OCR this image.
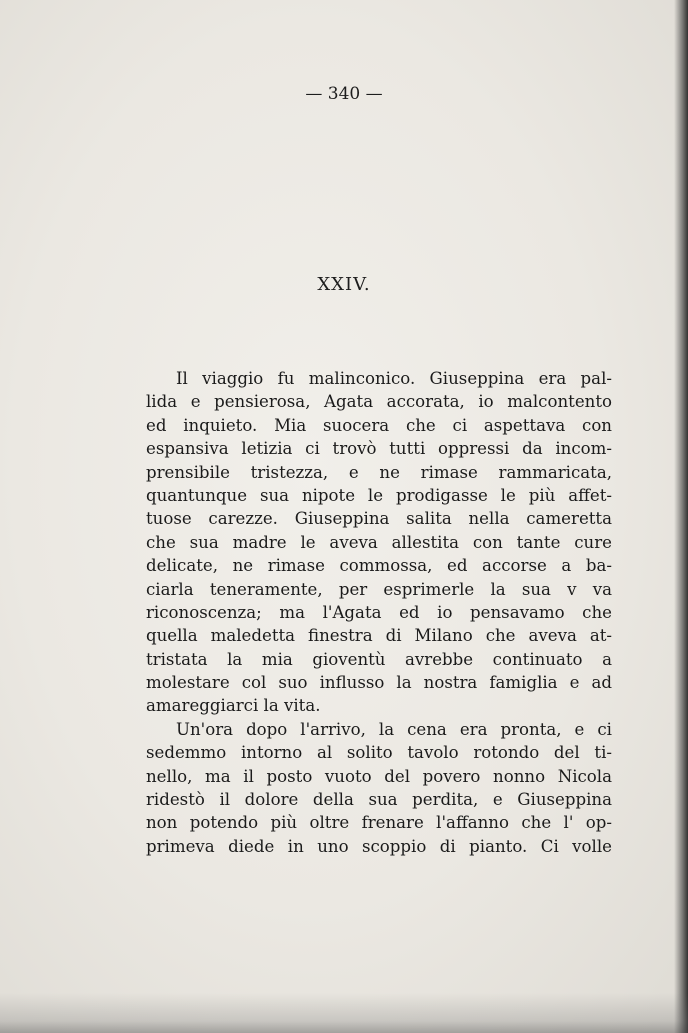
— 340 —

XXIV.
Il viaggio fu malinconico. Giuseppina era pal-
lida e pensierosa, Agata accorata, io malcontento
ed inquieto. Mia suocera che ci aspettava con
espansiva letizia ci trovò tutti oppressi da incom-
prensibile tristezza, e ne rimase rammaricata,
quantunque sua nipote le prodigasse le più affet-
tuose carezze. Giuseppina salita nella cameretta
che sua madre le aveva allestita con tante cure
delicate, ne rimase commossa, ed accorse a ba-
ciarla teneramente, per esprimerle la sua v va
riconoscenza; ma l'Agata ed io pensavamo che
quella maledetta finestra di Milano che aveva at-
tristata la mia gioventù avrebbe continuato a
molestare col suo influsso la nostra famiglia e ad
amareggiarci la vita.
Un'ora dopo l'arrivo, la cena era pronta, e ci
sedemmo intorno al solito tavolo rotondo del ti-
nello, ma il posto vuoto del povero nonno Nicola
ridestò il dolore della sua perdita, e Giuseppina
non potendo più oltre frenare l'affanno che l' op-
primeva diede in uno scoppio di pianto. Ci volle
